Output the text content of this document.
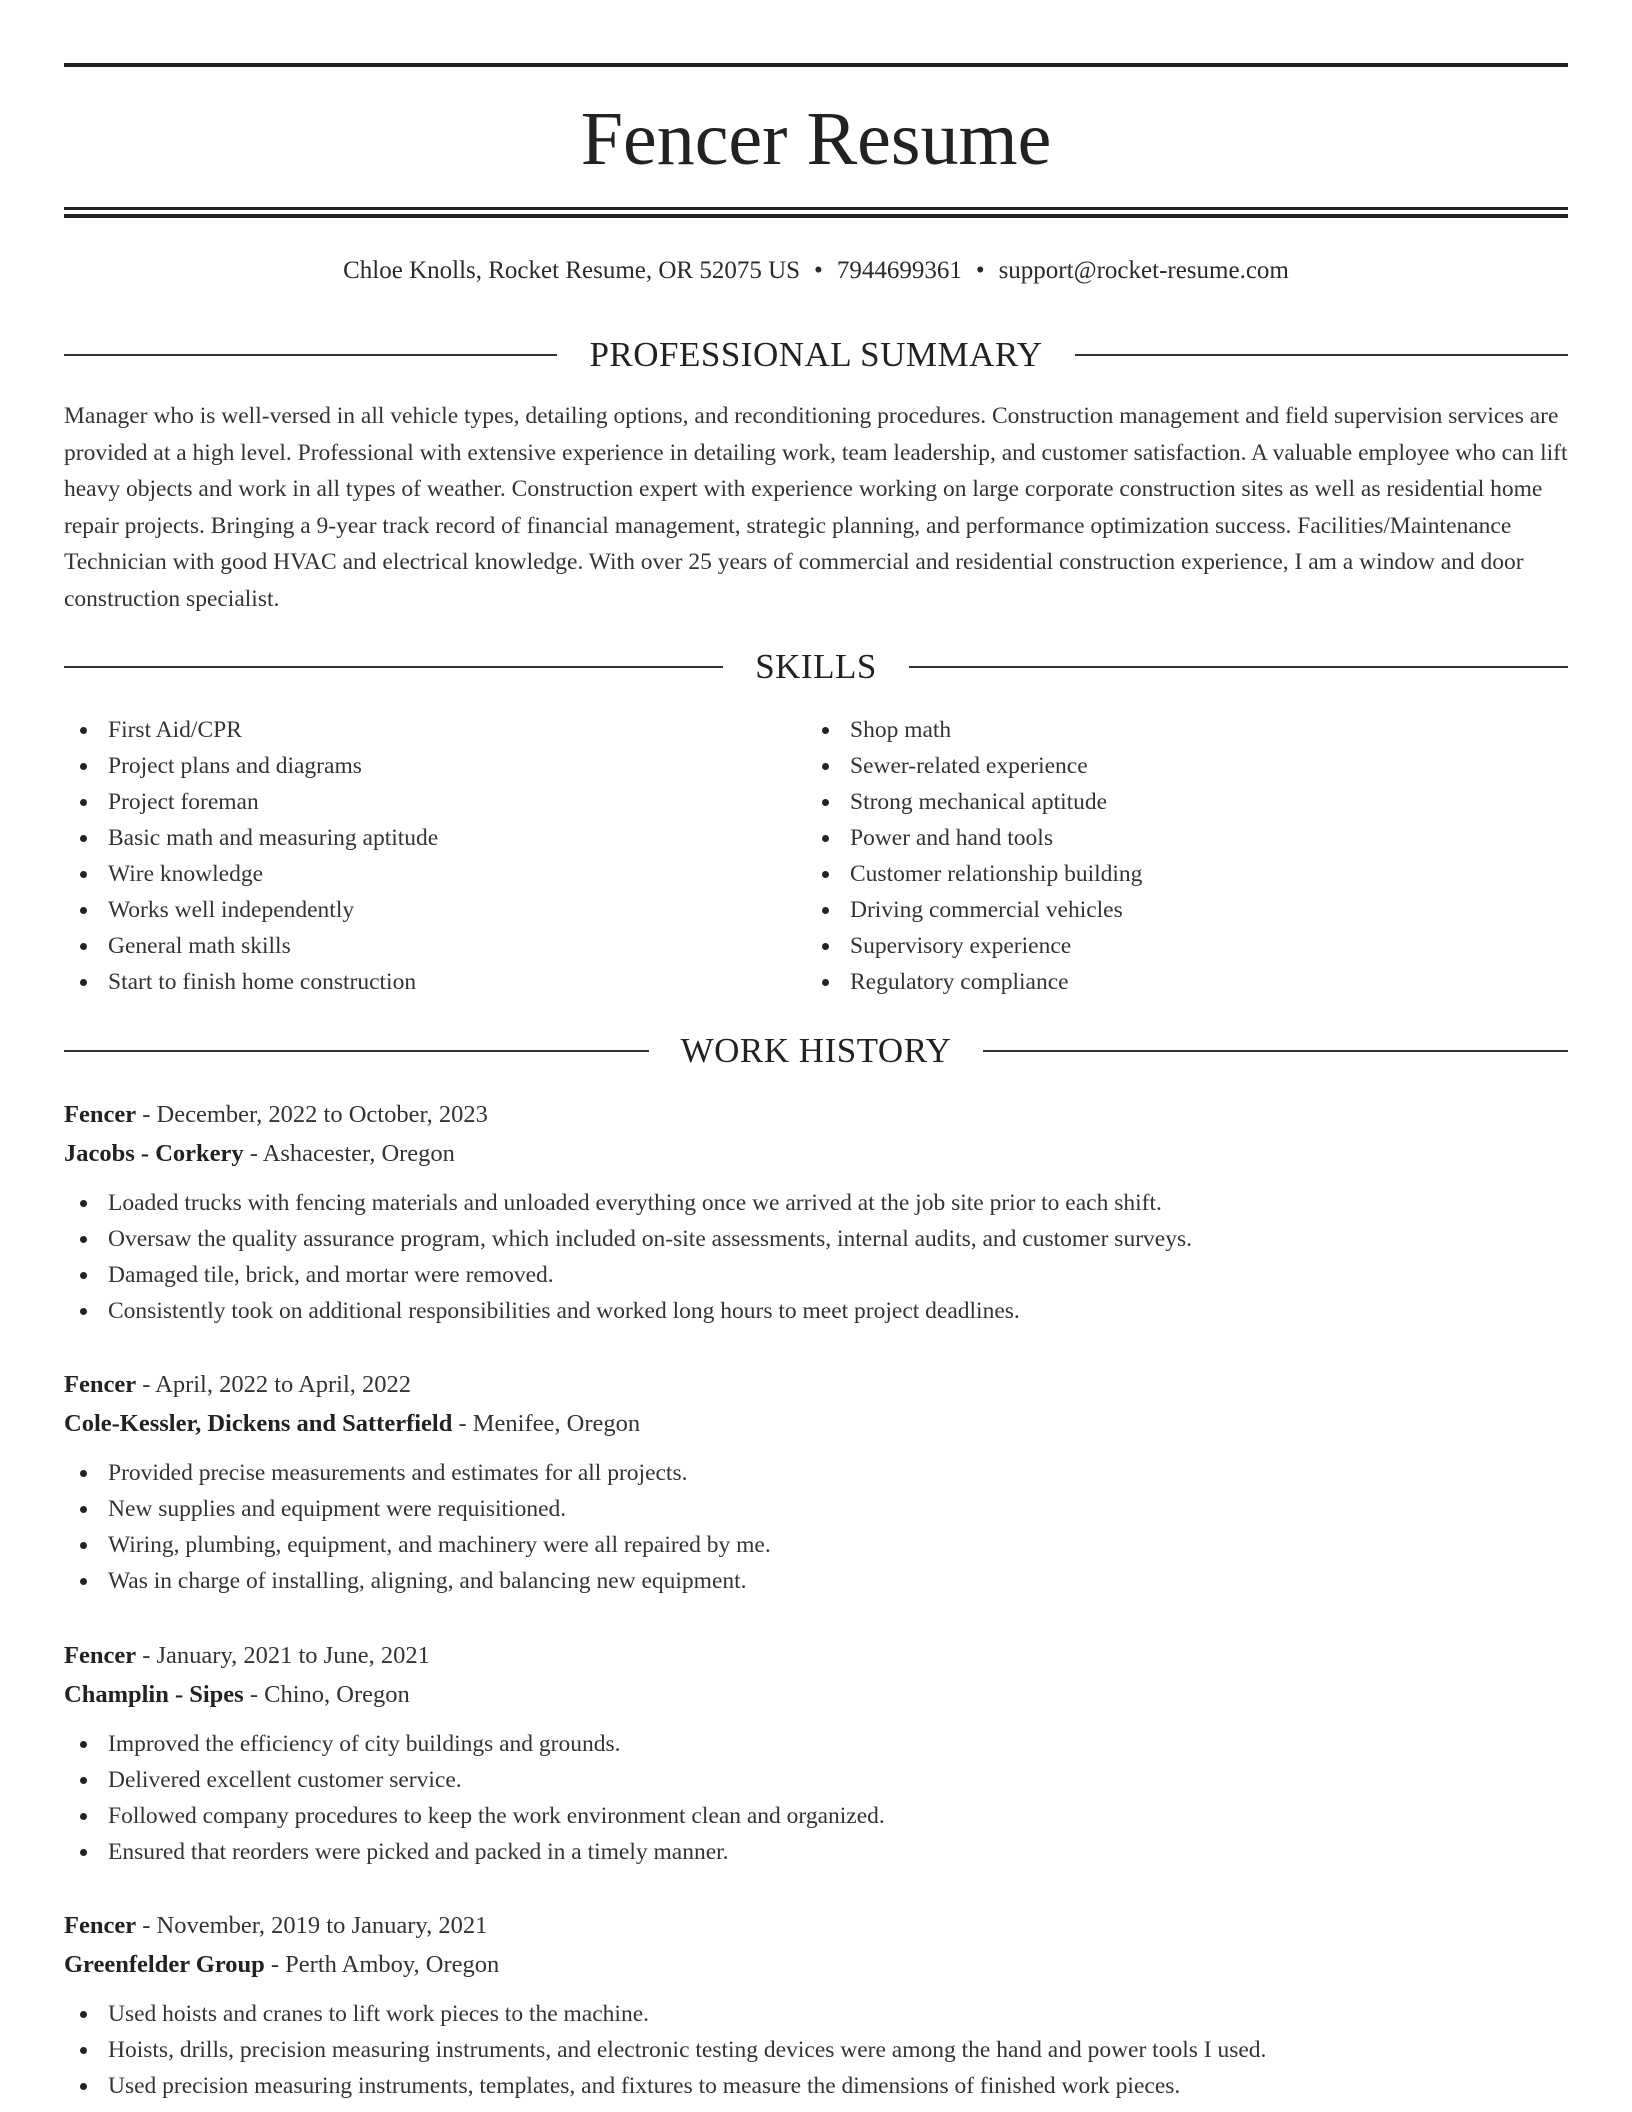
Fencer Resume
Chloe Knolls, Rocket Resume, OR 52075 US • 7944699361 • support@rocket-resume.com
PROFESSIONAL SUMMARY
Manager who is well-versed in all vehicle types, detailing options, and reconditioning procedures. Construction management and field supervision services are provided at a high level. Professional with extensive experience in detailing work, team leadership, and customer satisfaction. A valuable employee who can lift heavy objects and work in all types of weather. Construction expert with experience working on large corporate construction sites as well as residential home repair projects. Bringing a 9-year track record of financial management, strategic planning, and performance optimization success. Facilities/Maintenance Technician with good HVAC and electrical knowledge. With over 25 years of commercial and residential construction experience, I am a window and door construction specialist.
SKILLS
First Aid/CPR
Project plans and diagrams
Project foreman
Basic math and measuring aptitude
Wire knowledge
Works well independently
General math skills
Start to finish home construction
Shop math
Sewer-related experience
Strong mechanical aptitude
Power and hand tools
Customer relationship building
Driving commercial vehicles
Supervisory experience
Regulatory compliance
WORK HISTORY
Fencer - December, 2022 to October, 2023
Jacobs - Corkery - Ashacester, Oregon
Loaded trucks with fencing materials and unloaded everything once we arrived at the job site prior to each shift.
Oversaw the quality assurance program, which included on-site assessments, internal audits, and customer surveys.
Damaged tile, brick, and mortar were removed.
Consistently took on additional responsibilities and worked long hours to meet project deadlines.
Fencer - April, 2022 to April, 2022
Cole-Kessler, Dickens and Satterfield - Menifee, Oregon
Provided precise measurements and estimates for all projects.
New supplies and equipment were requisitioned.
Wiring, plumbing, equipment, and machinery were all repaired by me.
Was in charge of installing, aligning, and balancing new equipment.
Fencer - January, 2021 to June, 2021
Champlin - Sipes - Chino, Oregon
Improved the efficiency of city buildings and grounds.
Delivered excellent customer service.
Followed company procedures to keep the work environment clean and organized.
Ensured that reorders were picked and packed in a timely manner.
Fencer - November, 2019 to January, 2021
Greenfelder Group - Perth Amboy, Oregon
Used hoists and cranes to lift work pieces to the machine.
Hoists, drills, precision measuring instruments, and electronic testing devices were among the hand and power tools I used.
Used precision measuring instruments, templates, and fixtures to measure the dimensions of finished work pieces.
